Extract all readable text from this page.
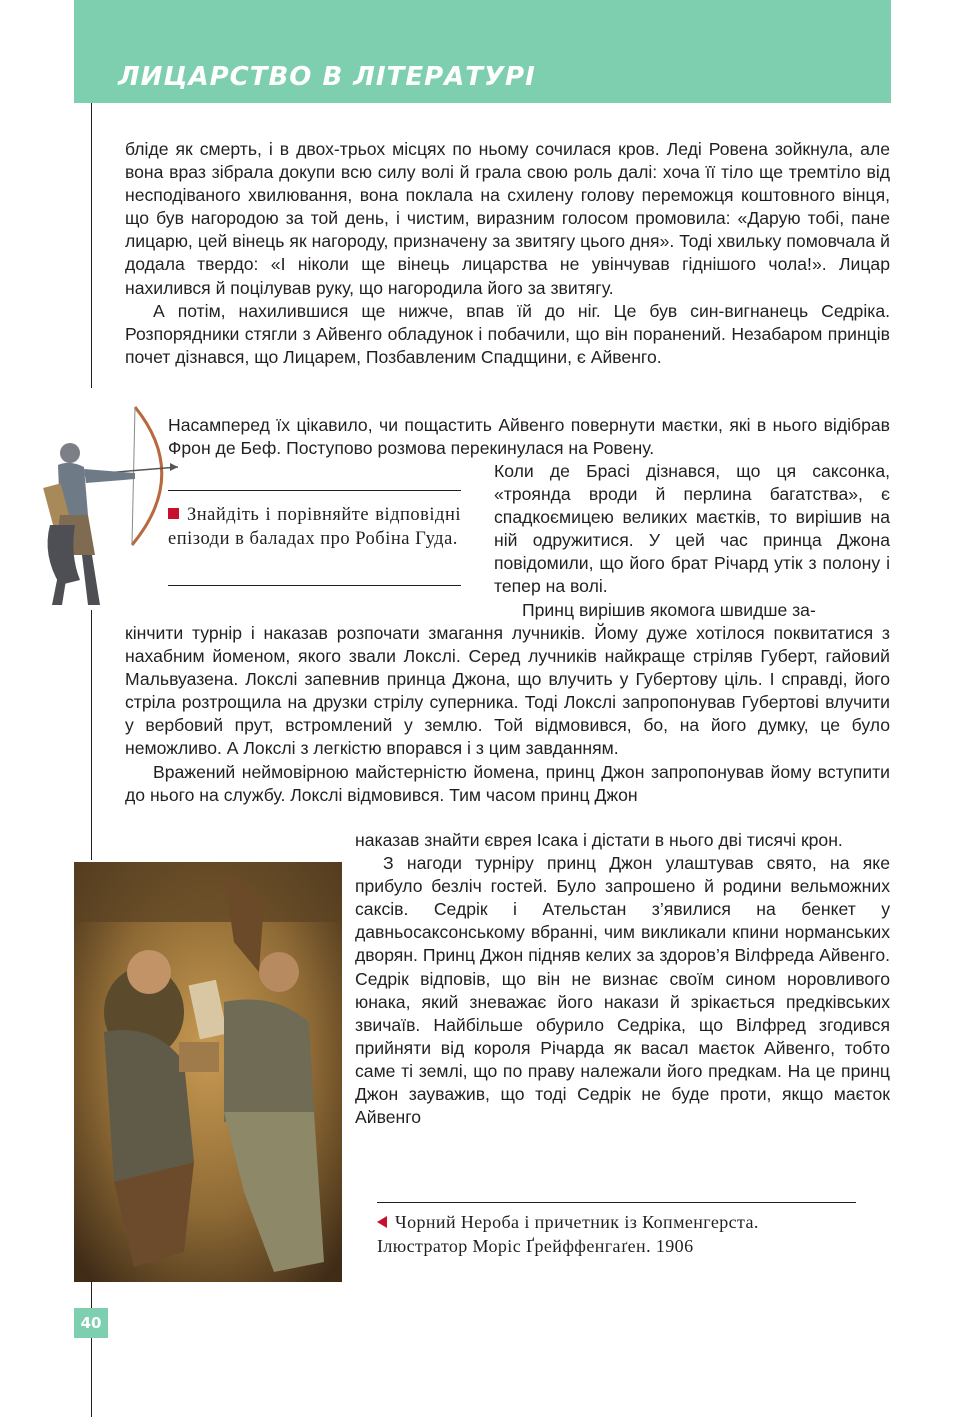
ЛИЦАРСТВО В ЛІТЕРАТУРІ

бліде як смерть, і в двох-трьох місцях по ньому сочилася кров. Леді Ровена зойкнула, але вона враз зібрала докупи всю силу волі й грала свою роль далі: хоча її тіло ще тремтіло від несподіваного хвилювання, вона поклала на схилену голову переможця коштовного вінця, що був нагородою за той день, і чистим, виразним голосом промовила: «Дарую тобі, пане лицарю, цей вінець як нагороду, призначену за звитягу цього дня». Тоді хвильку помовчала й додала твердо: «І ніколи ще вінець лицарства не увінчував гіднішого чола!». Лицар нахилився й поцілував руку, що нагородила його за звитягу.

А потім, нахилившися ще нижче, впав їй до ніг. Це був син-вигнанець Седріка. Розпорядники стягли з Айвенго обладунок і побачили, що він поранений. Незабаром принців почет дізнався, що Лицарем, Позбавленим Спадщини, є Айвенго.

Насамперед їх цікавило, чи пощастить Айвенго повернути маєтки, які в нього відібрав Фрон де Беф. Поступово розмова перекинулася на Ровену.

Знайдіть і порівняйте відповідні епізоди в баладах про Робіна Гуда.

Коли де Брасі дізнався, що ця саксонка, «троянда вроди й перлина багатства», є спадкоємицею великих маєтків, то вирішив на ній одружитися. У цей час принца Джона повідомили, що його брат Річард утік з полону і тепер на волі.

Принц вирішив якомога швидше за-

кінчити турнір і наказав розпочати змагання лучників. Йому дуже хотілося поквитатися з нахабним йоменом, якого звали Локслі. Серед лучників найкраще стріляв Губерт, гайовий Мальвуазена. Локслі запевнив принца Джона, що влучить у Губертову ціль. І справді, його стріла розтрощила на друзки стрілу суперника. Тоді Локслі запропонував Губертові влучити у вербовий прут, встромлений у землю. Той відмовився, бо, на його думку, це було неможливо. А Локслі з легкістю впорався і з цим завданням.

Вражений неймовірною майстерністю йомена, принц Джон запропонував йому вступити до нього на службу. Локслі відмовився. Тим часом принц Джон

наказав знайти єврея Ісака і дістати в нього дві тисячі крон.

З нагоди турніру принц Джон улаштував свято, на яке прибуло безліч гостей. Було запрошено й родини вельможних саксів. Седрік і Ательстан з’явилися на бенкет у давньосаксонському вбранні, чим викликали кпини норманських дворян. Принц Джон підняв келих за здоров’я Вілфреда Айвенго. Седрік відповів, що він не визнає своїм сином норовливого юнака, який зневажає його накази й зрікається предківських звичаїв. Найбільше обурило Седріка, що Вілфред згодився прийняти від короля Річарда як васал маєток Айвенго, тобто саме ті землі, що по праву належали його предкам. На це принц Джон зауважив, що тоді Седрік не буде проти, якщо маєток Айвенго

Чорний Нероба і причетник із Копменгерста.
Ілюстратор Моріс Ґрейффенгаґен. 1906
40
